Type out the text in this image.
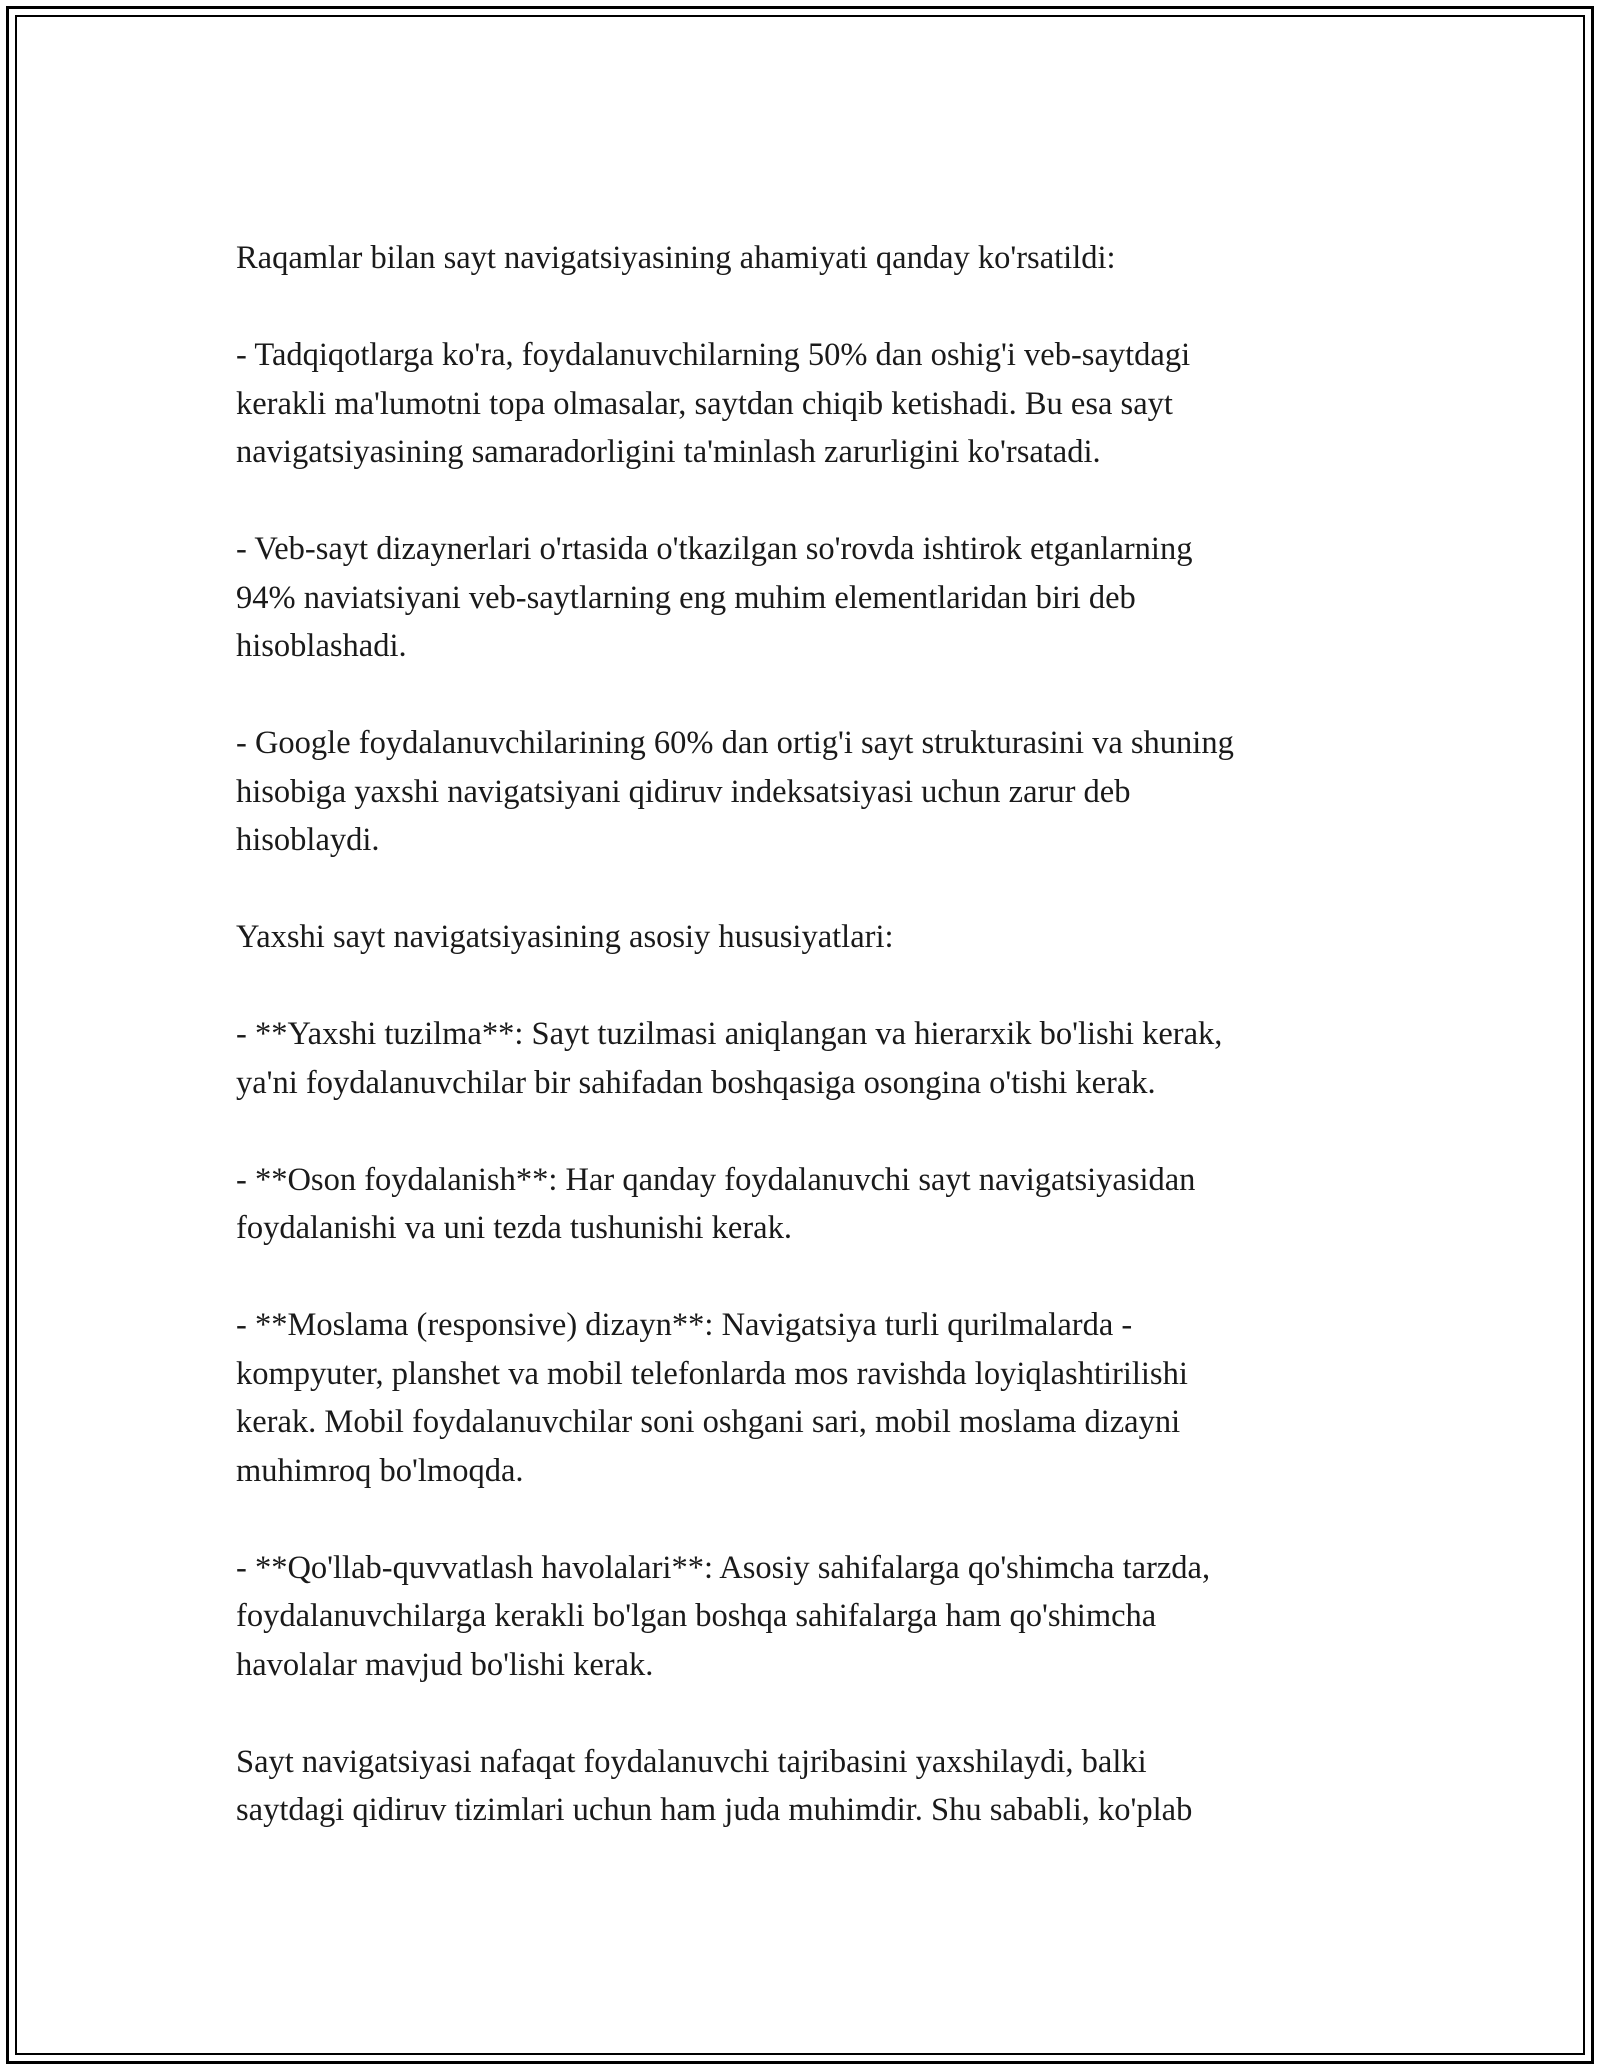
Raqamlar bilan sayt navigatsiyasining ahamiyati qanday ko'rsatildi:

- Tadqiqotlarga ko'ra, foydalanuvchilarning 50% dan oshig'i veb-saytdagi
kerakli ma'lumotni topa olmasalar, saytdan chiqib ketishadi. Bu esa sayt
navigatsiyasining samaradorligini ta'minlash zarurligini ko'rsatadi.

- Veb-sayt dizaynerlari o'rtasida o'tkazilgan so'rovda ishtirok etganlarning
94% naviatsiyani veb-saytlarning eng muhim elementlaridan biri deb
hisoblashadi.

- Google foydalanuvchilarining 60% dan ortig'i sayt strukturasini va shuning
hisobiga yaxshi navigatsiyani qidiruv indeksatsiyasi uchun zarur deb
hisoblaydi.

Yaxshi sayt navigatsiyasining asosiy hususiyatlari:

- **Yaxshi tuzilma**: Sayt tuzilmasi aniqlangan va hierarxik bo'lishi kerak,
ya'ni foydalanuvchilar bir sahifadan boshqasiga osongina o'tishi kerak.

- **Oson foydalanish**: Har qanday foydalanuvchi sayt navigatsiyasidan
foydalanishi va uni tezda tushunishi kerak.

- **Moslama (responsive) dizayn**: Navigatsiya turli qurilmalarda -
kompyuter, planshet va mobil telefonlarda mos ravishda loyiqlashtirilishi
kerak. Mobil foydalanuvchilar soni oshgani sari, mobil moslama dizayni
muhimroq bo'lmoqda.

- **Qo'llab-quvvatlash havolalari**: Asosiy sahifalarga qo'shimcha tarzda,
foydalanuvchilarga kerakli bo'lgan boshqa sahifalarga ham qo'shimcha
havolalar mavjud bo'lishi kerak.

Sayt navigatsiyasi nafaqat foydalanuvchi tajribasini yaxshilaydi, balki
saytdagi qidiruv tizimlari uchun ham juda muhimdir. Shu sababli, ko'plab
